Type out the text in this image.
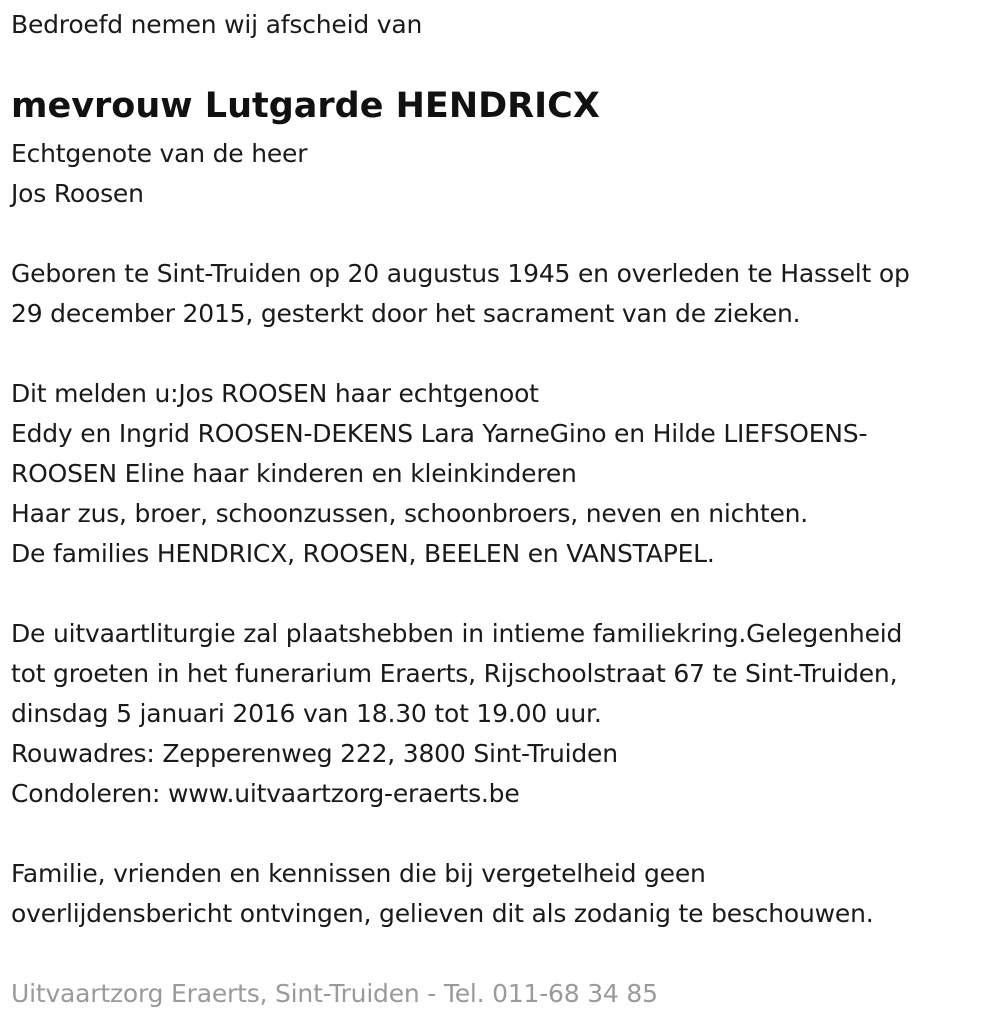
Bedroefd nemen wij afscheid van
mevrouw Lutgarde HENDRICX
Echtgenote van de heer
Jos Roosen
Geboren te Sint-Truiden op 20 augustus 1945 en overleden te Hasselt op
29 december 2015, gesterkt door het sacrament van de zieken.
Dit melden u:Jos ROOSEN haar echtgenoot
Eddy en Ingrid ROOSEN-DEKENS Lara YarneGino en Hilde LIEFSOENS-
ROOSEN Eline haar kinderen en kleinkinderen
Haar zus, broer, schoonzussen, schoonbroers, neven en nichten.
De families HENDRICX, ROOSEN, BEELEN en VANSTAPEL.
De uitvaartliturgie zal plaatshebben in intieme familiekring.Gelegenheid
tot groeten in het funerarium Eraerts, Rijschoolstraat 67 te Sint-Truiden,
dinsdag 5 januari 2016 van 18.30 tot 19.00 uur.
Rouwadres: Zepperenweg 222, 3800 Sint-Truiden
Condoleren: www.uitvaartzorg-eraerts.be
Familie, vrienden en kennissen die bij vergetelheid geen
overlijdensbericht ontvingen, gelieven dit als zodanig te beschouwen.
Uitvaartzorg Eraerts, Sint-Truiden - Tel. 011-68 34 85
